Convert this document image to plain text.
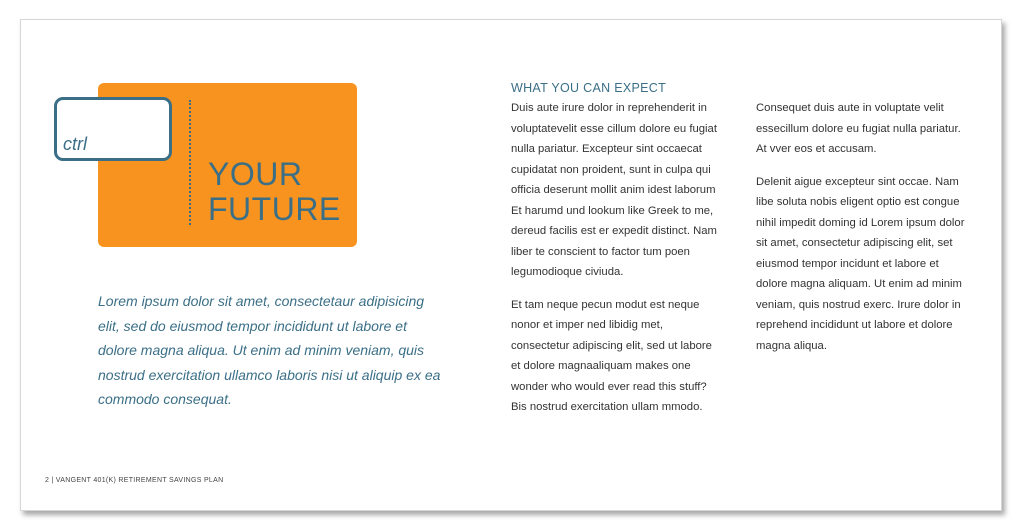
ctrl
YOUR
FUTURE
Lorem ipsum dolor sit amet, consectetaur adipisicing elit, sed do eiusmod tempor incididunt ut labore et dolore magna aliqua. Ut enim ad minim veniam, quis nostrud exercitation ullamco laboris nisi ut aliquip ex ea commodo consequat.
2 | VANGENT 401(K) RETIREMENT SAVINGS PLAN
WHAT YOU CAN EXPECT

Duis aute irure dolor in reprehenderit in voluptatevelit esse cillum dolore eu fugiat nulla pariatur. Excepteur sint occaecat cupidatat non proident, sunt in culpa qui officia deserunt mollit anim idest laborum Et harumd und lookum like Greek to me, dereud facilis est er expedit distinct. Nam liber te conscient to factor tum poen legumodioque civiuda.

Et tam neque pecun modut est neque nonor et imper ned libidig met, consectetur adipiscing elit, sed ut labore et dolore magnaaliquam makes one wonder who would ever read this stuff? Bis nostrud exercitation ullam mmodo.

Consequet duis aute in voluptate velit essecillum dolore eu fugiat nulla pariatur. At vver eos et accusam.

Delenit aigue excepteur sint occae. Nam libe soluta nobis eligent optio est congue nihil impedit doming id Lorem ipsum dolor sit amet, consectetur adipiscing elit, set eiusmod tempor incidunt et labore et dolore magna aliquam. Ut enim ad minim veniam, quis nostrud exerc. Irure dolor in reprehend incididunt ut labore et dolore magna aliqua.
